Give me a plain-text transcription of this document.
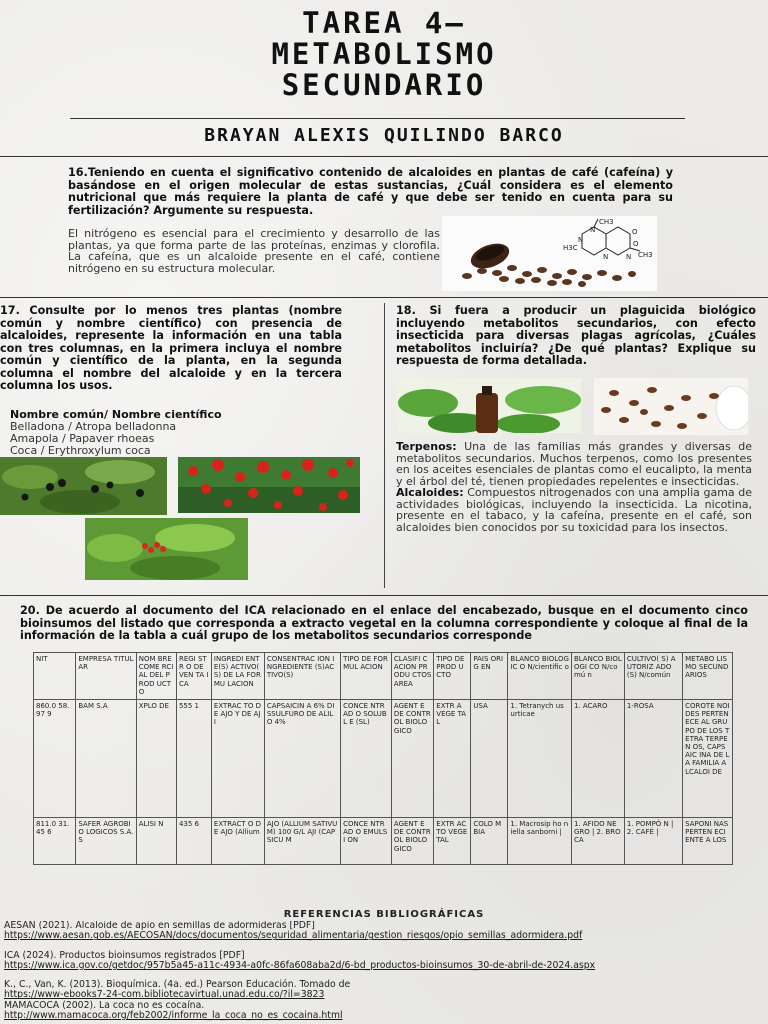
TAREA 4–
METABOLISMO
SECUNDARIO
BRAYAN ALEXIS QUILINDO BARCO
16.Teniendo en cuenta el significativo contenido de alcaloides en plantas de café (cafeína) y basándose en el origen molecular de estas sustancias, ¿Cuál considera es el elemento nutricional que más requiere la planta de café y que debe ser tenido en cuenta para su fertilización? Argumente su respuesta.
El nitrógeno es esencial para el crecimiento y desarrollo de las plantas, ya que forma parte de las proteínas, enzimas y clorofila. La cafeína, que es un alcaloide presente en el café, contiene nitrógeno en su estructura molecular.
CH3
N	O
H3C
N
N	N
O
CH3
17. Consulte por lo menos tres plantas (nombre común y nombre científico) con presencia de alcaloides, represente la información en una tabla con tres columnas, en la primera incluya el nombre común y científico de la planta, en la segunda columna el nombre del alcaloide y en la tercera columna los usos.
Nombre común/ Nombre científico
Belladona / Atropa belladonna
Amapola / Papaver rhoeas
Coca / Erythroxylum coca
18. Si fuera a producir un plaguicida biológico incluyendo metabolitos secundarios, con efecto insecticida para diversas plagas agrícolas, ¿Cuáles metabolitos incluiría? ¿De qué plantas? Explique su respuesta de forma detallada.
Terpenos: Una de las familias más grandes y diversas de metabolitos secundarios. Muchos terpenos, como los presentes en los aceites esenciales de plantas como el eucalipto, la menta y el árbol del té, tienen propiedades repelentes e insecticidas.
Alcaloides: Compuestos nitrogenados con una amplia gama de actividades biológicas, incluyendo la insecticida. La nicotina, presente en el tabaco, y la cafeína, presente en el café, son alcaloides bien conocidos por su toxicidad para los insectos.
20. De acuerdo al documento del ICA relacionado en el enlace del encabezado, busque en el documento cinco bioinsumos del listado que corresponda a extracto vegetal en la columna correspondiente y coloque al final de la información de la tabla a cuál grupo de los metabolitos secundarios corresponde
NIT	EMPRESA TITULAR	NOM BRE COME RCIAL DEL PROD UCTO	REGI STR O DE VEN TA ICA	INGREDI ENTE(S) ACTIVO( S) DE LA FORMU LACION	CONSENTRAC ION INGREDIENTE (S)ACTIVO(S)	TIPO DE FORMUL ACION	CLASIFI CACION PRODU CTOS AREA	TIPO DE PROD UCTO	PAIS ORIG EN	BLANCO BIOLOGIC O N/científic o	BLANCO BIOLOGI CO N/comú n	CULTIVO( S) AUTORIZ ADO(S) N/común	METABO LISMO SECUND ARIOS
860.0 58.97 9	BAM S.A	XPLO DE	555 1	EXTRAC TO DE AJO Y DE AJI	CAPSAICIN A 6% DISSULFURO DE ALILO 4%	CONCE NTRAD O SOLUBL E (SL)	AGENT E DE CONTR OL BIOLO GICO	EXTR A VEGE TAL	USA	1. Tetranych us urticae	1. ACARO	1-ROSA	COROTE NOIDES PERTEN ECE AL GRUPO DE LOS TETRA TERPEN OS, CAPSAIC INA DE LA FAMILIA ALCALOI DE
811.0 31.45 6	SAFER AGROBIO LOGICOS S.A.S	ALISI N	435 6	EXTRACT O DE AJO (Allium	AJO (ALLIUM SATIVUM) 100 G/L AJI (CAPSICU M	CONCE NTRAD O EMULSI ON	AGENT E DE CONTR OL BIOLO GICO	EXTR ACTO VEGE TAL	COLO MBIA	1. Macrosip ho niella sanborni |	1. AFIDO NEGRO | 2. BROCA	1. POMPÓ N | 2. CAFÉ |	SAPONI NAS PERTEN ECI ENTE A LOS
REFERENCIAS BIBLIOGRÁFICAS
AESAN (2021). Alcaloide de apio en semillas de adormideras [PDF]
https://www.aesan.gob.es/AECOSAN/docs/documentos/seguridad_alimentaria/gestion_riesgos/opio_semillas_adormidera.pdf
ICA (2024). Productos bioinsumos registrados [PDF]
https://www.ica.gov.co/getdoc/957b5a45-a11c-4934-a0fc-86fa608aba2d/6-bd_productos-bioinsumos_30-de-abril-de-2024.aspx
K., C., Van, K. (2013). Bioquímica. (4a. ed.) Pearson Educación. Tomado de
https://www-ebooks7-24-com.bibliotecavirtual.unad.edu.co/?il=3823
MAMACOCA (2002). La coca no es cocaína.
http://www.mamacoca.org/feb2002/informe_la_coca_no_es_cocaina.html
